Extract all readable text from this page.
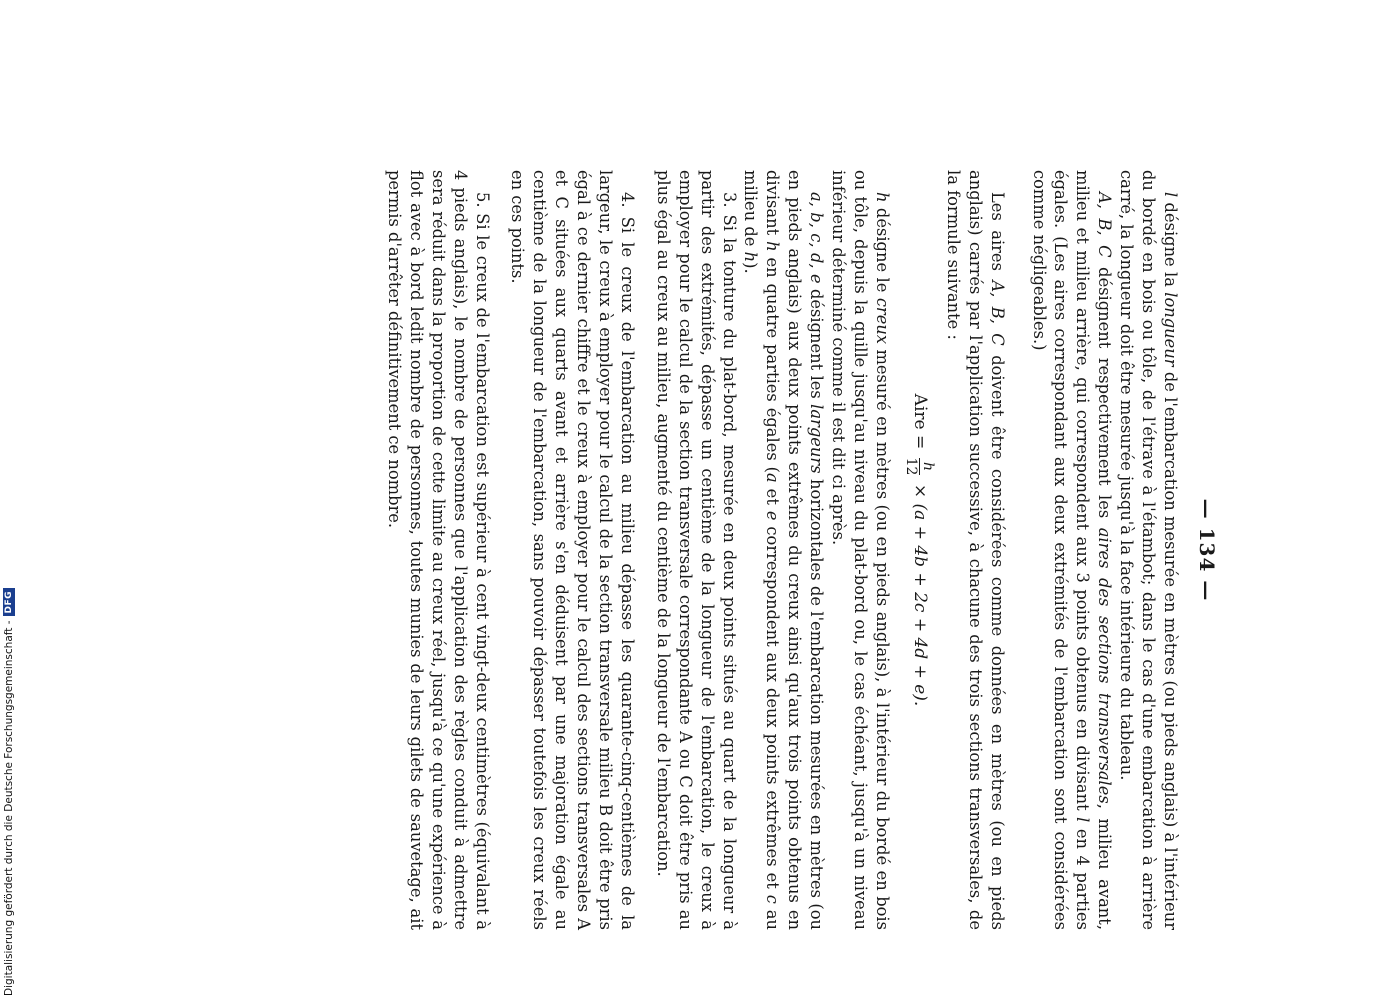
— 134 —

l désigne la longueur de l'embarcation mesurée en mètres (ou pieds anglais) à l'intérieur du bordé en bois ou tôle, de l'étrave à l'étambot; dans le cas d'une embarcation à arrière carré, la longueur doit être mesurée jusqu'à la face intérieure du tableau.

A, B, C désignent respectivement les aires des sections transversales, milieu avant, milieu et milieu arrière, qui correspondent aux 3 points obtenus en divisant l en 4 parties égales. (Les aires correspondant aux deux extrémités de l'embarcation sont considérées comme négligeables.)

Les aires A, B, C doivent être considérées comme données en mètres (ou en pieds anglais) carrés par l'application successive, à chacune des trois sections transversales, de la formule suivante :

Aire =
h
12
× (a + 4b + 2c + 4d + e).

h désigne le creux mesuré en mètres (ou en pieds anglais), à l'intérieur du bordé en bois ou tôle, depuis la quille jusqu'au niveau du plat-bord ou, le cas échéant, jusqu'à un niveau inférieur déterminé comme il est dit ci après.

a, b, c, d, e désignent les largeurs horizontales de l'embarcation mesurées en mètres (ou en pieds anglais) aux deux points extrêmes du creux ainsi qu'aux trois points obtenus en divisant h en quatre parties égales (a et e correspondent aux deux points extrêmes et c au milieu de h).

3. Si la tonture du plat-bord, mesurée en deux points situés au quart de la longueur à partir des extrémités, dépasse un centième de la longueur de l'embarcation, le creux à employer pour le calcul de la section transversale correspondante A ou C doit être pris au plus égal au creux au milieu, augmenté du centième de la longueur de l'embarcation.

4. Si le creux de l'embarcation au milieu dépasse les quarante-cinq-centièmes de la largeur, le creux à employer pour le calcul de la section transversale milieu B doit être pris égal à ce dernier chiffre et le creux à employer pour le calcul des sections transversales A et C situées aux quarts avant et arrière s'en déduisent par une majoration égale au centième de la longueur de l'embarcation, sans pouvoir dépasser toutefois les creux réels en ces points.

5. Si le creux de l'embarcation est supérieur à cent vingt-deux centimètres (équivalant à 4 pieds anglais), le nombre de personnes que l'application des règles conduit à admettre sera réduit dans la proportion de cette limite au creux réel, jusqu'à ce qu'une expérience à flot avec à bord ledit nombre de personnes, toutes munies de leurs gilets de sauvetage, ait permis d'arrêter définitivement ce nombre.

Digitalisierung gefördert durch die Deutsche Forschungsgemeinschaft -
DFG
